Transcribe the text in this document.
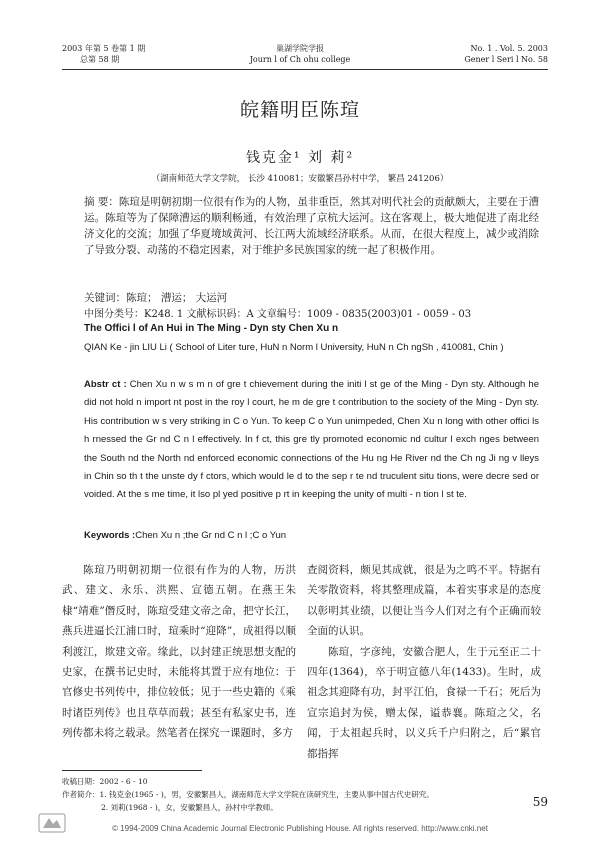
2003 年第 5 卷第 1 期
总第 58 期
巢湖学院学报
Journ l of Ch ohu college
No. 1 . Vol. 5. 2003
Gener l Seri l No. 58
皖籍明臣陈瑄
钱克金¹ 刘 莉²
（湖南师范大学文学院， 长沙 410081；安徽繁昌孙村中学， 繁昌 241206）
摘 要：陈瑄是明朝初期一位很有作为的人物，虽非重臣，然其对明代社会的贡献颇大，主要在于漕运。陈瑄等为了保障漕运的顺利畅通，有效治理了京杭大运河。这在客观上，极大地促进了南北经济文化的交流；加强了华夏境域黄河、长江两大流域经济联系。从而，在很大程度上，减少或消除了导致分裂、动荡的不稳定因素，对于维护多民族国家的统一起了积极作用。
关键词：陈瑄； 漕运； 大运河
中图分类号：K248. 1 文献标识码：A 文章编号：1009 - 0835(2003)01 - 0059 - 03
The Offici l of An Hui in The Ming - Dyn sty Chen Xu n
QIAN Ke - jin LIU Li ( School of Liter ture, HuN n Norm l University, HuN n Ch ngSh , 410081, Chin )
Abstr ct : Chen Xu n w s m n of gre t chievement during the initi l st ge of the Ming - Dyn sty. Although he did not hold n import nt post in the roy l court, he m de gre t contribution to the society of the Ming - Dyn sty. His contribution w s very striking in C o Yun. To keep C o Yun unimpeded, Chen Xu n long with other offici ls h rnessed the Gr nd C n l effectively. In f ct, this gre tly promoted economic nd cultur l exch nges between the South nd the North nd enforced economic connections of the Hu ng He River nd the Ch ng Ji ng v lleys in Chin so th t the unste dy f ctors, which would le d to the sep r te nd truculent situ tions, were decre sed or voided. At the s me time, it lso pl yed positive p rt in keeping the unity of multi - n tion l st te.
Keywords :Chen Xu n ;the Gr nd C n l ;C o Yun

陈瑄乃明朝初期一位很有作为的人物，历洪武、建文、永乐、洪熙、宣德五朝。在燕王朱棣“靖难”僭反时，陈瑄受建文帝之命，把守长江，燕兵进逼长江浦口时，瑄乘时“迎降”，成祖得以顺利渡江，欺建文帝。缘此，以封建正统思想支配的史家，在撰书记史时，未能将其置于应有地位：于官修史书列传中，排位较低；见于一些史籍的《乘时诸臣列传》也且草草而载；甚至有私家史书，连列传都未将之载录。然笔者在探究一课题时，多方

查阅资料，颇见其成就，很是为之鸣不平。特据有关零散资料，将其整理成篇，本着实事求是的态度以彰明其业绩，以便让当今人们对之有个正确而较全面的认识。

陈瑄，字彦纯，安徽合肥人，生于元至正二十四年(1364)，卒于明宣德八年(1433)。生时，成祖念其迎降有功，封平江伯，食禄一千石；死后为宣宗追封为侯，赠太保，谥恭襄。陈瑄之父，名闻，于太祖起兵时，以义兵千户归附之，后“累官都指挥

收稿日期：2002 - 6 - 10
作者简介：1. 钱克金(1965 - )，男，安徽繁昌人，湖南师范大学文学院在读研究生，主要从事中国古代史研究。
2. 刘莉(1968 - )，女，安徽繁昌人，孙村中学教师。	59
© 1994-2009 China Academic Journal Electronic Publishing House. All rights reserved. http://www.cnki.net
